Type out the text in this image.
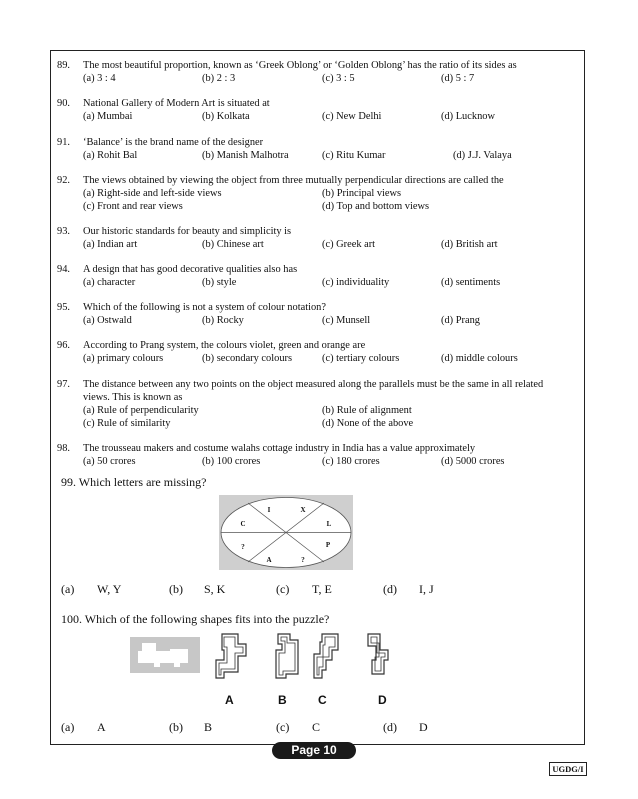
89. The most beautiful proportion, known as ‘Greek Oblong’ or ‘Golden Oblong’ has the ratio of its sides as
(a) 3 : 4	(b) 2 : 3	(c) 3 : 5	(d) 5 : 7
90. National Gallery of Modern Art is situated at
(a) Mumbai	(b) Kolkata	(c) New Delhi	(d) Lucknow
91. ‘Balance’ is the brand name of the designer
(a) Rohit Bal	(b) Manish Malhotra	(c) Ritu Kumar	(d) J.J. Valaya
92. The views obtained by viewing the object from three mutually perpendicular directions are called the
(a) Right-side and left-side views	(b) Principal views
(c) Front and rear views	(d) Top and bottom views
93. Our historic standards for beauty and simplicity is
(a) Indian art	(b) Chinese art	(c) Greek art	(d) British art
94. A design that has good decorative qualities also has
(a) character	(b) style	(c) individuality	(d) sentiments
95. Which of the following is not a system of colour notation?
(a) Ostwald	(b) Rocky	(c) Munsell	(d) Prang
96. According to Prang system, the colours violet, green and orange are
(a) primary colours	(b) secondary colours	(c) tertiary colours	(d) middle colours
97. The distance between any two points on the object measured along the parallels must be the same in all related
views. This is known as
(a) Rule of perpendicularity	(b) Rule of alignment
(c) Rule of similarity	(d) None of the above
98. The trousseau makers and costume walahs cottage industry in India has a value approximately
(a) 50 crores	(b) 100 crores	(c) 180 crores	(d) 5000 crores
99. Which letters are missing?
I	X
C	L
?	P
A	?
(a) W, Y	(b) S, K	(c) T, E	(d) I, J
100. Which of the following shapes fits into the puzzle?
A	B	C	D
(a) A	(b) B	(c) C	(d) D
Page 10
UGDG/I
